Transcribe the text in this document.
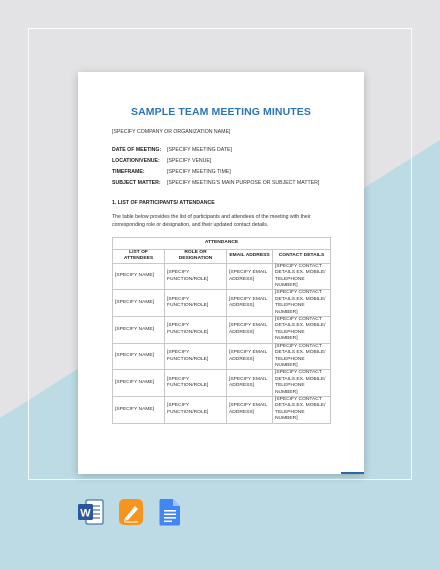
SAMPLE TEAM MEETING MINUTES
[SPECIFY COMPANY OR ORGANIZATION NAME]
DATE OF MEETING:	[SPECIFY MEETING DATE]
LOCATION/VENUE:	[SPECIFY VENUE]
TIMEFRAME:	[SPECIFY MEETING TIME]
SUBJECT MATTER:	[SPECIFY MEETING'S MAIN PURPOSE OR SUBJECT MATTER]
1. LIST OF PARTICIPANTS/ ATTENDANCE
The table below provides the list of participants and attendees of the meeting with their corresponding role or designation, and their updated contact details.
ATTENDANCE			
LIST OF ATTENDEES	ROLE OR DESIGNATION	EMAIL ADDRESS	CONTACT DETAILS
[SPECIFY NAME]	[SPECIFY FUNCTION/ROLE]	[SPECIFY EMAIL ADDRESS]	[SPECIFY CONTACT DETAILS EX. MOBILE/ TELEPHONE NUMBER]
[SPECIFY NAME]	[SPECIFY FUNCTION/ROLE]	[SPECIFY EMAIL ADDRESS]	[SPECIFY CONTACT DETAILS EX. MOBILE/ TELEPHONE NUMBER]
[SPECIFY NAME]	[SPECIFY FUNCTION/ROLE]	[SPECIFY EMAIL ADDRESS]	[SPECIFY CONTACT DETAILS EX. MOBILE/ TELEPHONE NUMBER]
[SPECIFY NAME]	[SPECIFY FUNCTION/ROLE]	[SPECIFY EMAIL ADDRESS]	[SPECIFY CONTACT DETAILS EX. MOBILE/ TELEPHONE NUMBER]
[SPECIFY NAME]	[SPECIFY FUNCTION/ROLE]	[SPECIFY EMAIL ADDRESS]	[SPECIFY CONTACT DETAILS EX. MOBILE/ TELEPHONE NUMBER]
[SPECIFY NAME]	[SPECIFY FUNCTION/ROLE]	[SPECIFY EMAIL ADDRESS]	[SPECIFY CONTACT DETAILS EX. MOBILE/ TELEPHONE NUMBER]
W
